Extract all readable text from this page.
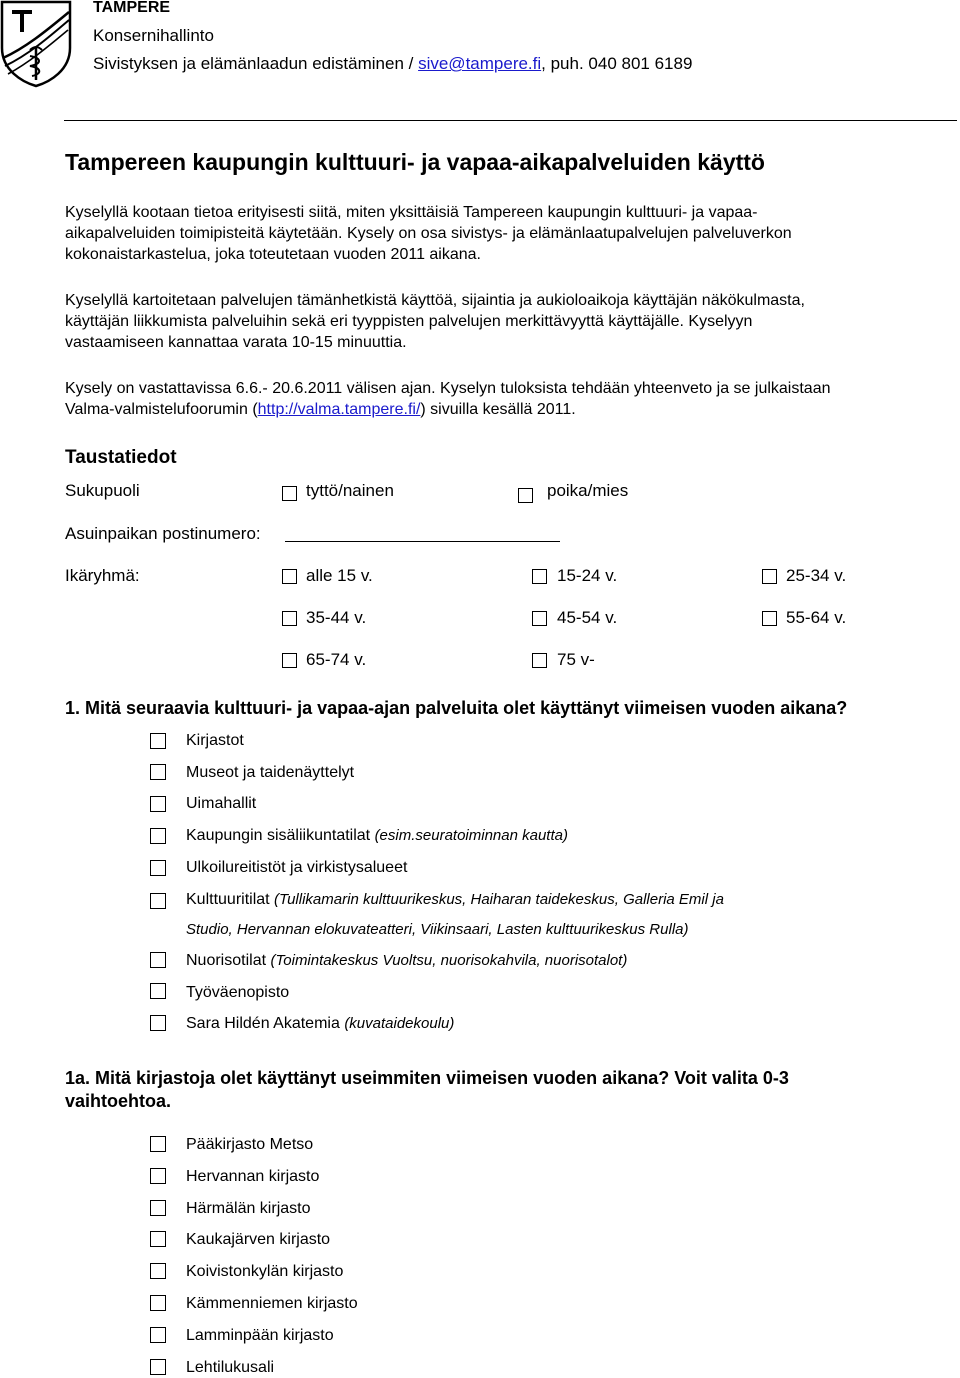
TAMPERE
Konsernihallinto
Sivistyksen ja elämänlaadun edistäminen / sive@tampere.fi, puh. 040 801 6189
Tampereen kaupungin kulttuuri- ja vapaa-aikapalveluiden käyttö
Kyselyllä kootaan tietoa erityisesti siitä, miten yksittäisiä Tampereen kaupungin kulttuuri- ja vapaa-
aikapalveluiden toimipisteitä käytetään. Kysely on osa sivistys- ja elämänlaatupalvelujen palveluverkon
kokonaistarkastelua, joka toteutetaan vuoden 2011 aikana.
Kyselyllä kartoitetaan palvelujen tämänhetkistä käyttöä, sijaintia ja aukioloaikoja käyttäjän näkökulmasta,
käyttäjän liikkumista palveluihin sekä eri tyyppisten palvelujen merkittävyyttä käyttäjälle. Kyselyyn
vastaamiseen kannattaa varata 10-15 minuuttia.
Kysely on vastattavissa 6.6.- 20.6.2011 välisen ajan. Kyselyn tuloksista tehdään yhteenveto ja se julkaistaan
Valma-valmistelufoorumin (http://valma.tampere.fi/) sivuilla kesällä 2011.
Taustatiedot
Sukupuoli	tyttö/nainen	poika/mies
Asuinpaikan postinumero:
Ikäryhmä:	alle 15 v.	15-24 v.	25-34 v.
35-44 v.	45-54 v.	55-64 v.
65-74 v.	75 v-
1. Mitä seuraavia kulttuuri- ja vapaa-ajan palveluita olet käyttänyt viimeisen vuoden aikana?
Kirjastot
Museot ja taidenäyttelyt
Uimahallit
Kaupungin sisäliikuntatilat (esim.seuratoiminnan kautta)
Ulkoilureitistöt ja virkistysalueet
Kulttuuritilat (Tullikamarin kulttuurikeskus, Haiharan taidekeskus, Galleria Emil ja
Studio, Hervannan elokuvateatteri, Viikinsaari, Lasten kulttuurikeskus Rulla)
Nuorisotilat (Toimintakeskus Vuoltsu, nuorisokahvila, nuorisotalot)
Työväenopisto
Sara Hildén Akatemia (kuvataidekoulu)
1a. Mitä kirjastoja olet käyttänyt useimmiten viimeisen vuoden aikana? Voit valita 0-3
vaihtoehtoa.
Pääkirjasto Metso
Hervannan kirjasto
Härmälän kirjasto
Kaukajärven kirjasto
Koivistonkylän kirjasto
Kämmenniemen kirjasto
Lamminpään kirjasto
Lehtilukusali
